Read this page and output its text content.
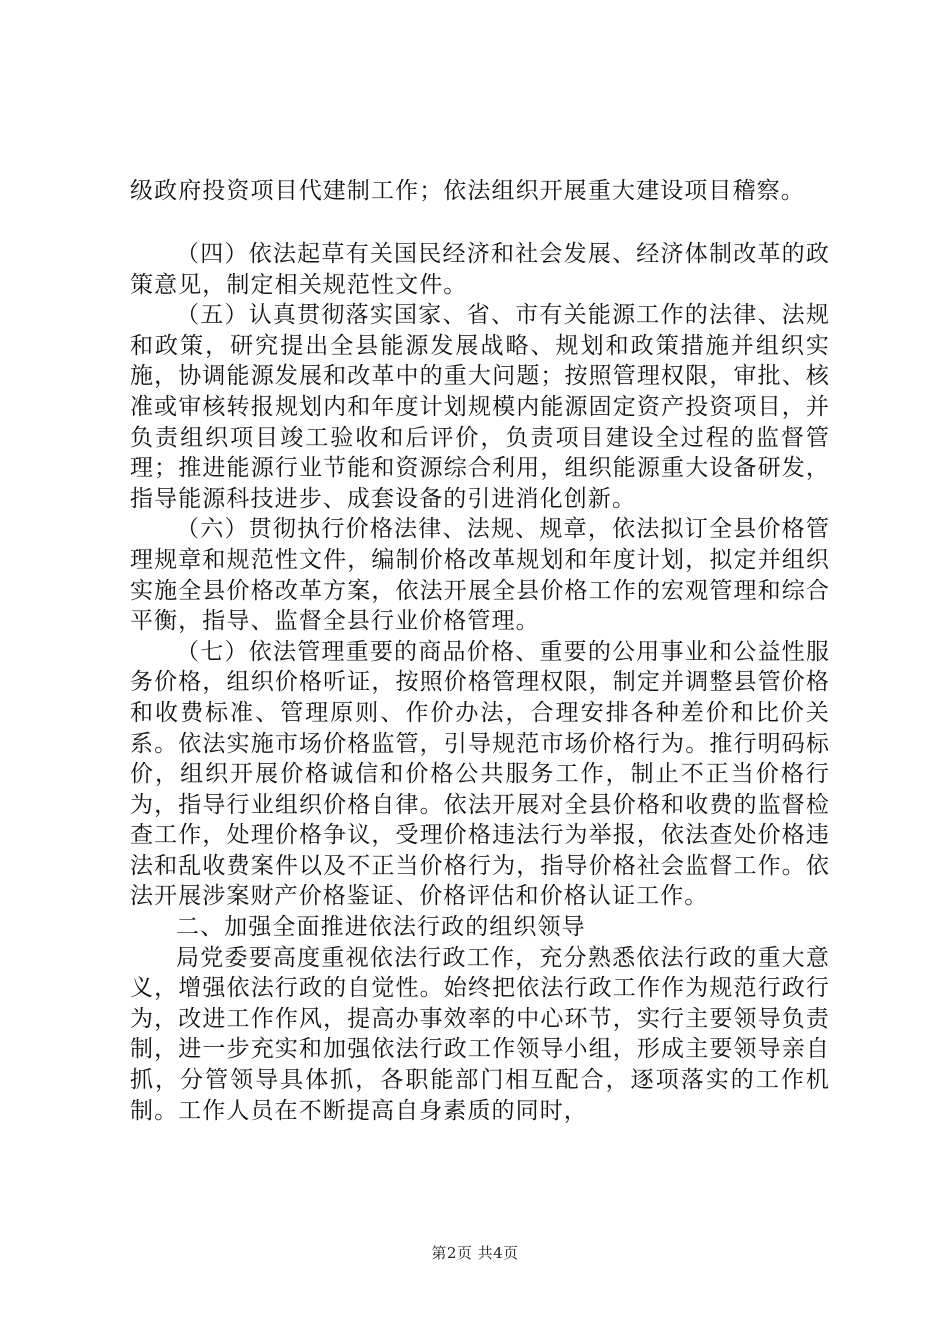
级政府投资项目代建制工作；依法组织开展重大建设项目稽察。

（四）依法起草有关国民经济和社会发展、经济体制改革的政策意见，制定相关规范性文件。

（五）认真贯彻落实国家、省、市有关能源工作的法律、法规和政策，研究提出全县能源发展战略、规划和政策措施并组织实施，协调能源发展和改革中的重大问题；按照管理权限，审批、核准或审核转报规划内和年度计划规模内能源固定资产投资项目，并负责组织项目竣工验收和后评价，负责项目建设全过程的监督管理；推进能源行业节能和资源综合利用，组织能源重大设备研发，指导能源科技进步、成套设备的引进消化创新。

（六）贯彻执行价格法律、法规、规章，依法拟订全县价格管理规章和规范性文件，编制价格改革规划和年度计划，拟定并组织实施全县价格改革方案，依法开展全县价格工作的宏观管理和综合平衡，指导、监督全县行业价格管理。

（七）依法管理重要的商品价格、重要的公用事业和公益性服务价格，组织价格听证，按照价格管理权限，制定并调整县管价格和收费标准、管理原则、作价办法，合理安排各种差价和比价关系。依法实施市场价格监管，引导规范市场价格行为。推行明码标价，组织开展价格诚信和价格公共服务工作，制止不正当价格行为，指导行业组织价格自律。依法开展对全县价格和收费的监督检查工作，处理价格争议，受理价格违法行为举报，依法查处价格违法和乱收费案件以及不正当价格行为，指导价格社会监督工作。依法开展涉案财产价格鉴证、价格评估和价格认证工作。

二、加强全面推进依法行政的组织领导

局党委要高度重视依法行政工作，充分熟悉依法行政的重大意义，增强依法行政的自觉性。始终把依法行政工作作为规范行政行为，改进工作作风，提高办事效率的中心环节，实行主要领导负责制，进一步充实和加强依法行政工作领导小组，形成主要领导亲自抓，分管领导具体抓，各职能部门相互配合，逐项落实的工作机制。工作人员在不断提高自身素质的同时，

第2页 共4页
